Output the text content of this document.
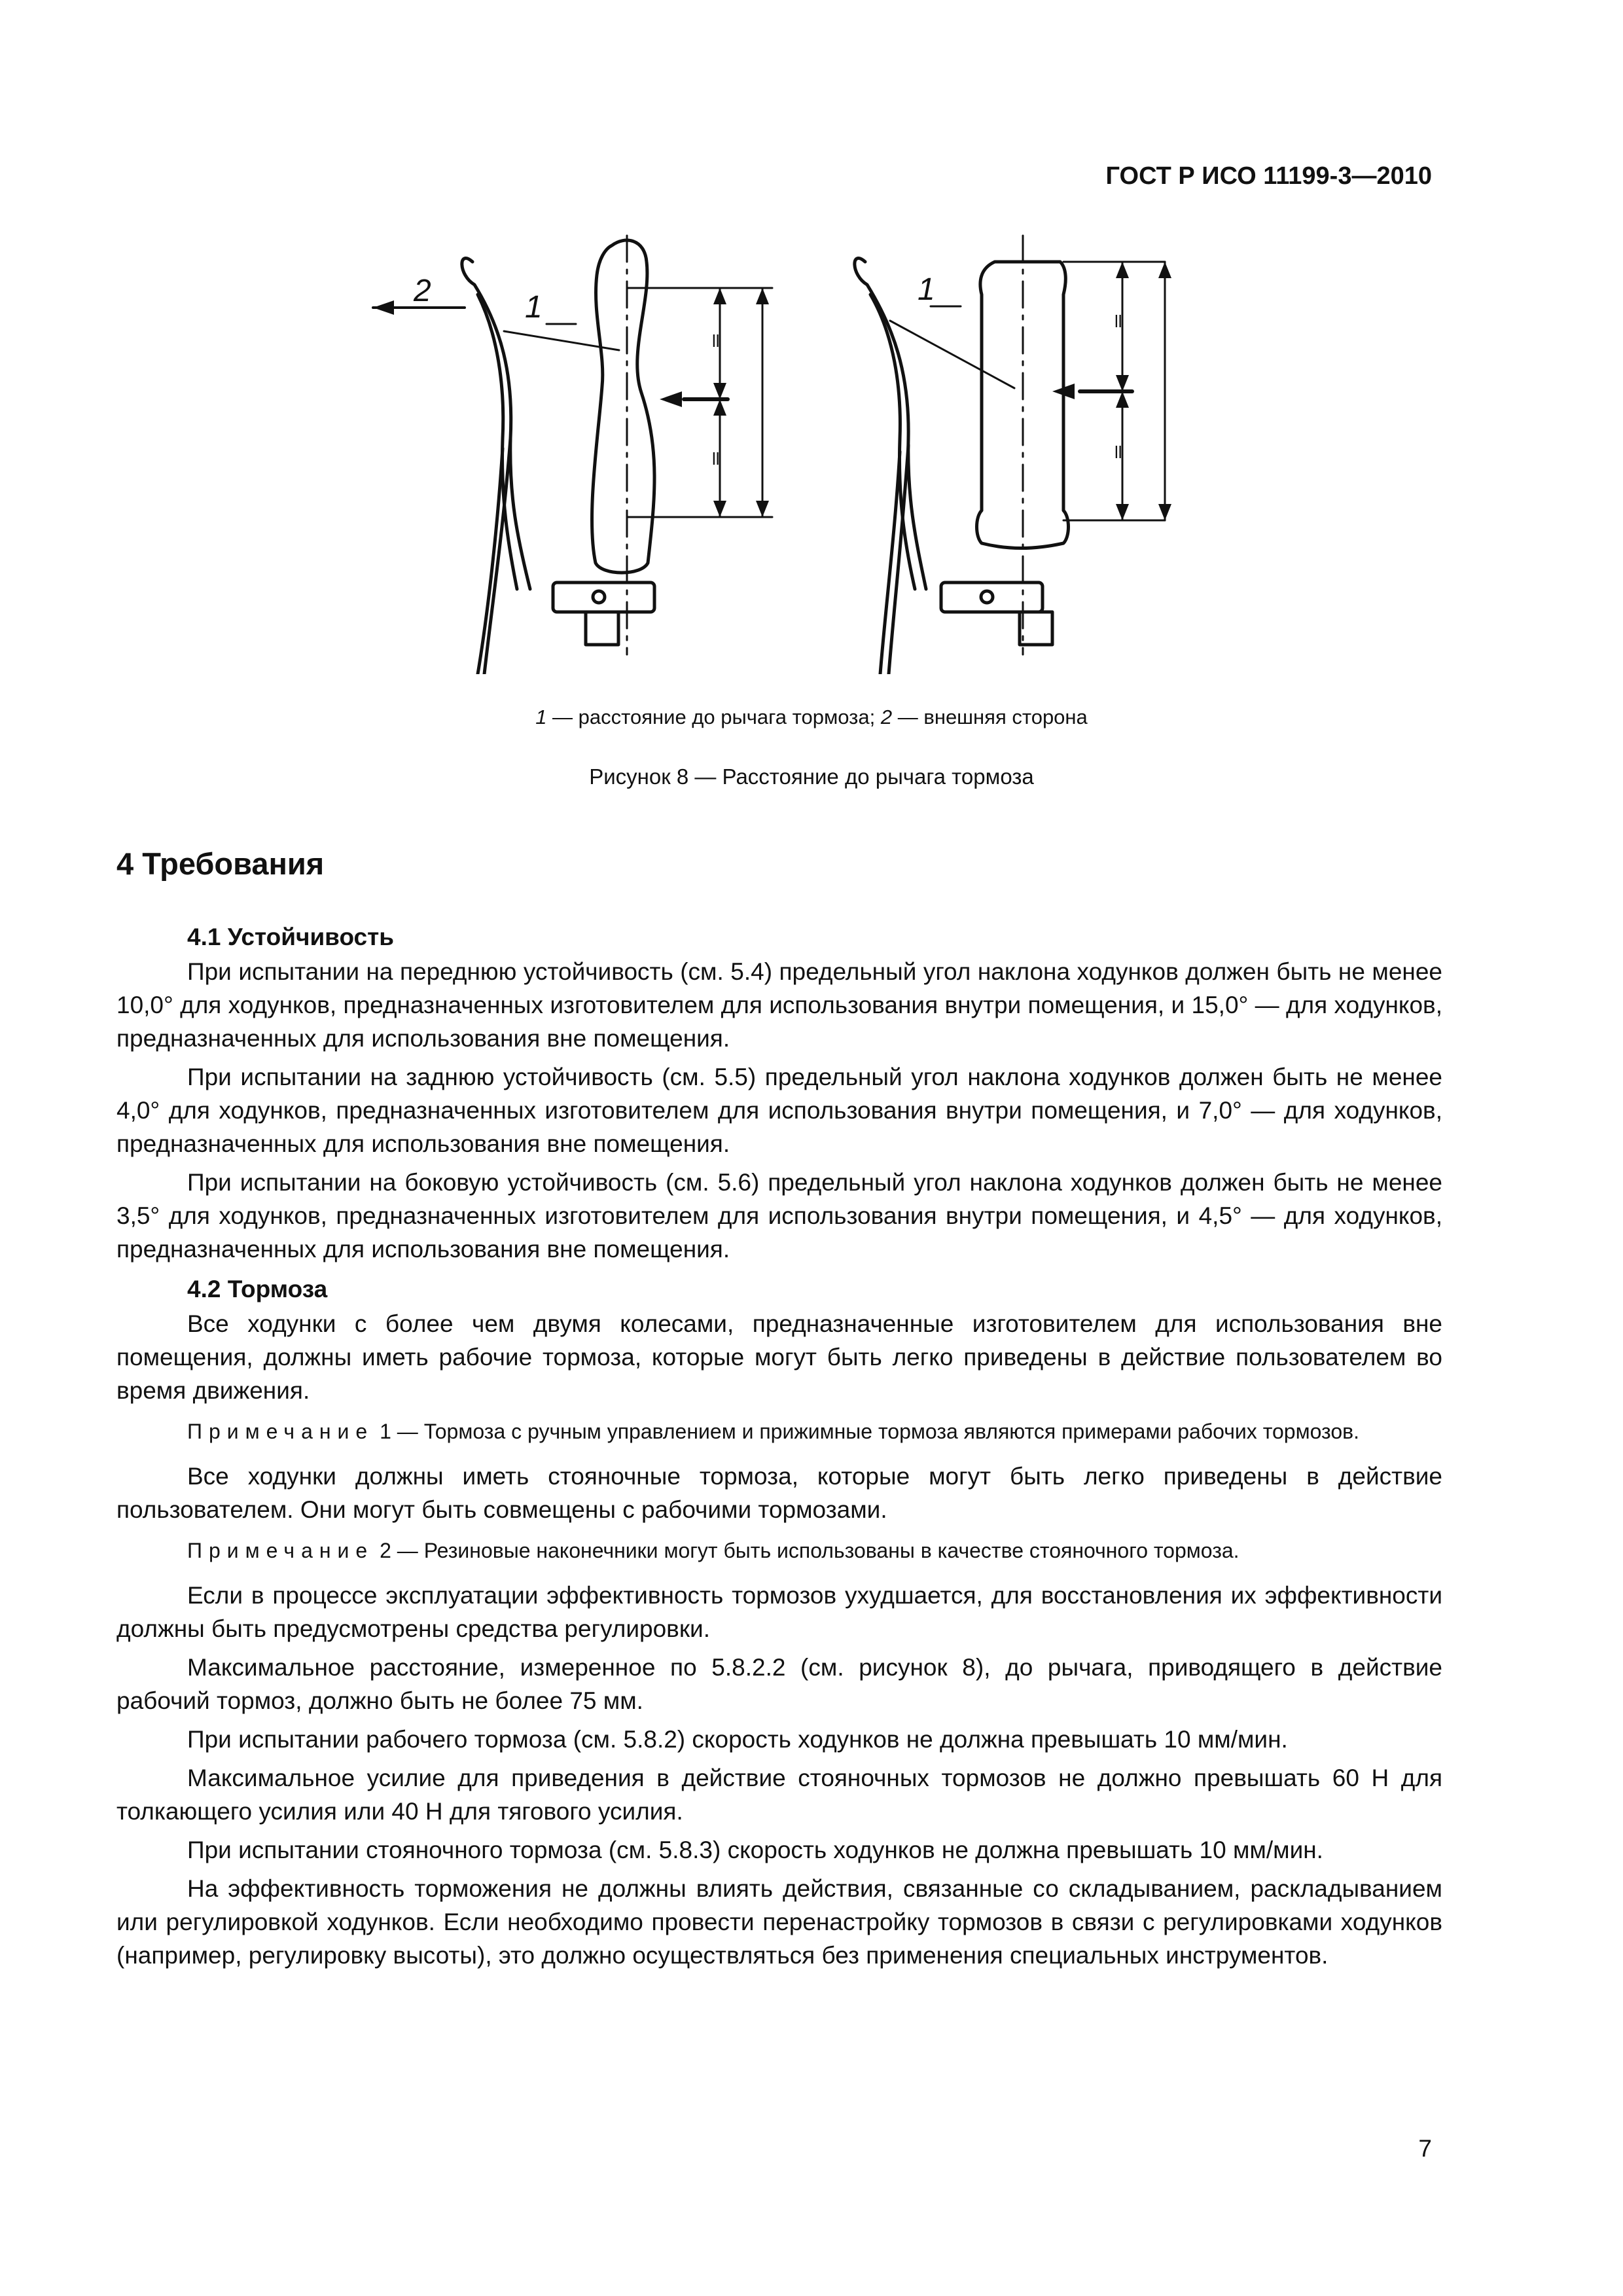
ГОСТ Р ИСО 11199-3—2010
ll
ll
ll
ll
2	1
1
1 — расстояние до рычага тормоза; 2 — внешняя сторона
Рисунок 8 — Расстояние до рычага тормоза
4 Требования
4.1 Устойчивость

При испытании на переднюю устойчивость (см. 5.4) предельный угол наклона ходунков должен быть не менее 10,0° для ходунков, предназначенных изготовителем для использования внутри помещения, и 15,0° — для ходунков, предназначенных для использования вне помещения.

При испытании на заднюю устойчивость (см. 5.5) предельный угол наклона ходунков должен быть не менее 4,0° для ходунков, предназначенных изготовителем для использования внутри помещения, и 7,0° — для ходунков, предназначенных для использования вне помещения.

При испытании на боковую устойчивость (см. 5.6) предельный угол наклона ходунков должен быть не менее 3,5° для ходунков, предназначенных изготовителем для использования внутри помещения, и 4,5° — для ходунков, предназначенных для использования вне помещения.

4.2 Тормоза

Все ходунки с более чем двумя колесами, предназначенные изготовителем для использования вне помещения, должны иметь рабочие тормоза, которые могут быть легко приведены в действие пользователем во время движения.

Примечание 1 — Тормоза с ручным управлением и прижимные тормоза являются примерами рабочих тормозов.

Все ходунки должны иметь стояночные тормоза, которые могут быть легко приведены в действие пользователем. Они могут быть совмещены с рабочими тормозами.

Примечание 2 — Резиновые наконечники могут быть использованы в качестве стояночного тормоза.

Если в процессе эксплуатации эффективность тормозов ухудшается, для восстановления их эффективности должны быть предусмотрены средства регулировки.

Максимальное расстояние, измеренное по 5.8.2.2 (см. рисунок 8), до рычага, приводящего в действие рабочий тормоз, должно быть не более 75 мм.

При испытании рабочего тормоза (см. 5.8.2) скорость ходунков не должна превышать 10 мм/мин.

Максимальное усилие для приведения в действие стояночных тормозов не должно превышать 60 Н для толкающего усилия или 40 Н для тягового усилия.

При испытании стояночного тормоза (см. 5.8.3) скорость ходунков не должна превышать 10 мм/мин.

На эффективность торможения не должны влиять действия, связанные со складыванием, раскладыванием или регулировкой ходунков. Если необходимо провести перенастройку тормозов в связи с регулировками ходунков (например, регулировку высоты), это должно осуществляться без применения специальных инструментов.

7
